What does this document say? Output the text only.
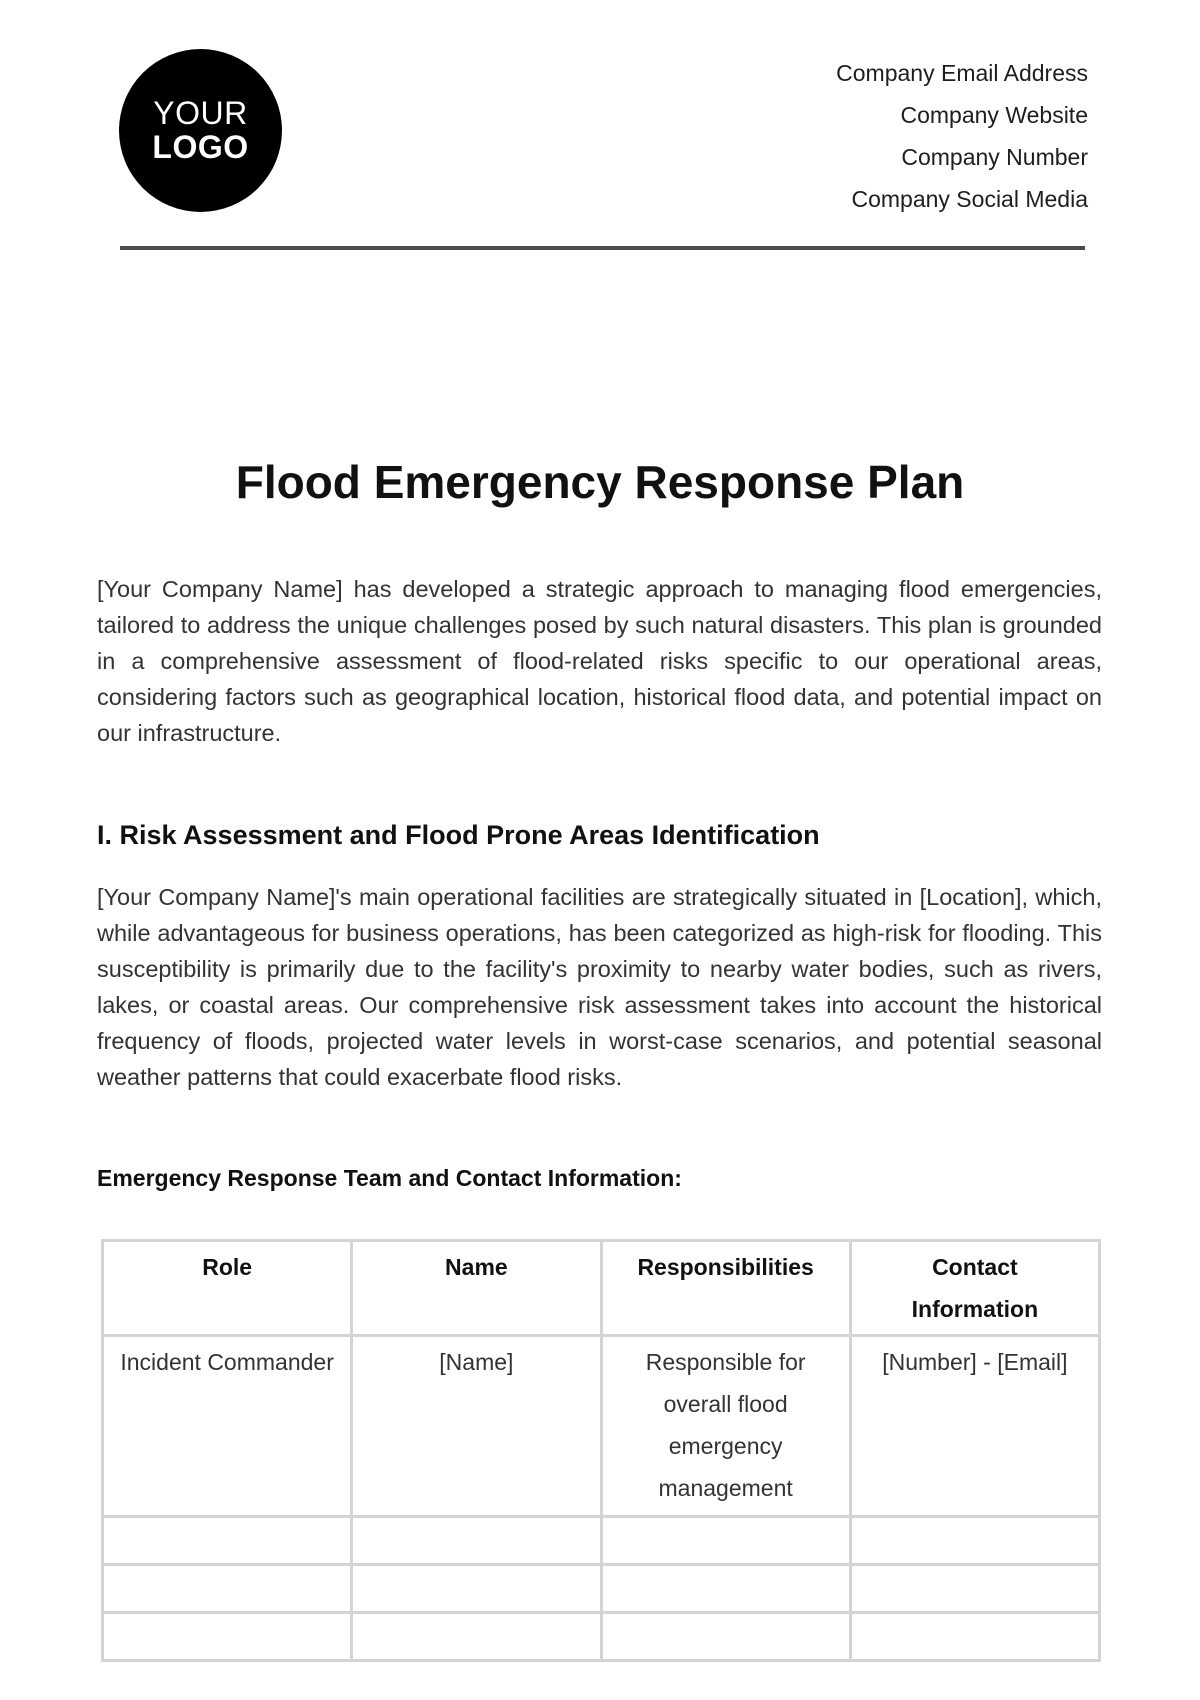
YOUR
LOGO
Company Email Address
Company Website
Company Number
Company Social Media
Flood Emergency Response Plan

[Your Company Name] has developed a strategic approach to managing flood emergencies, tailored to address the unique challenges posed by such natural disasters. This plan is grounded in a comprehensive assessment of flood-related risks specific to our operational areas, considering factors such as geographical location, historical flood data, and potential impact on our infrastructure.

I. Risk Assessment and Flood Prone Areas Identification

[Your Company Name]'s main operational facilities are strategically situated in [Location], which, while advantageous for business operations, has been categorized as high-risk for flooding. This susceptibility is primarily due to the facility's proximity to nearby water bodies, such as rivers, lakes, or coastal areas. Our comprehensive risk assessment takes into account the historical frequency of floods, projected water levels in worst-case scenarios, and potential seasonal weather patterns that could exacerbate flood risks.

Emergency Response Team and Contact Information:
Role	Name	Responsibilities	Contact Information
Incident Commander	[Name]	Responsible for overall flood emergency management	[Number] - [Email]
